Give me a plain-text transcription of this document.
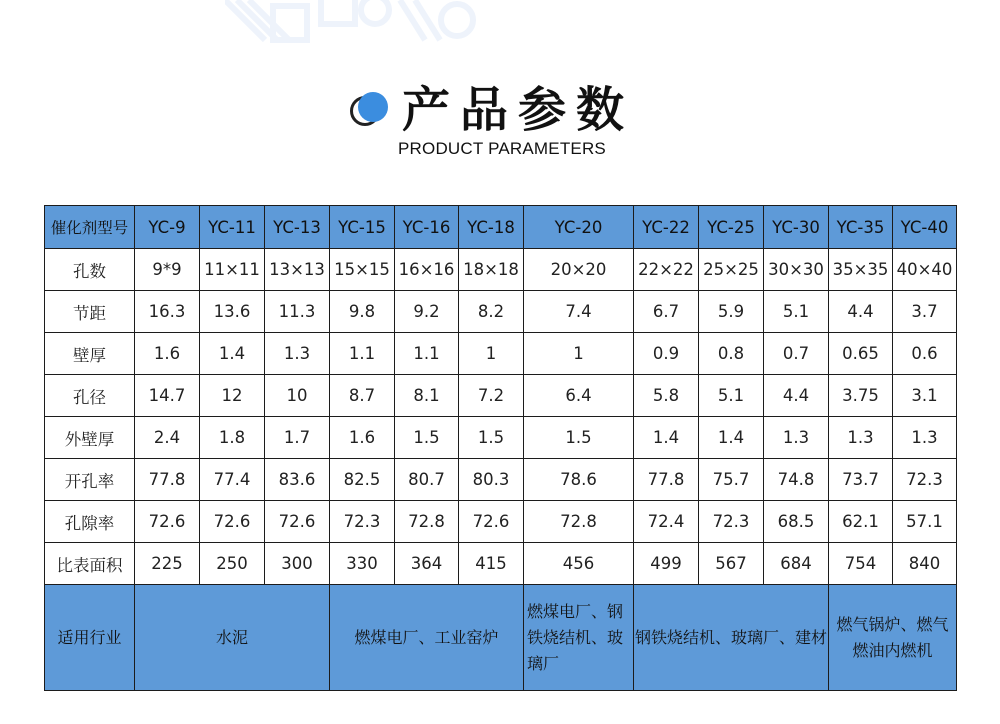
产品参数
PRODUCT PARAMETERS
催化剂型号	YC-9	YC-11	YC-13	YC-15	YC-16	YC-18	YC-20	YC-22	YC-25	YC-30	YC-35	YC-40
孔数	9*9	11×11	13×13	15×15	16×16	18×18	20×20	22×22	25×25	30×30	35×35	40×40
节距	16.3	13.6	11.3	9.8	9.2	8.2	7.4	6.7	5.9	5.1	4.4	3.7
壁厚	1.6	1.4	1.3	1.1	1.1	1	1	0.9	0.8	0.7	0.65	0.6
孔径	14.7	12	10	8.7	8.1	7.2	6.4	5.8	5.1	4.4	3.75	3.1
外壁厚	2.4	1.8	1.7	1.6	1.5	1.5	1.5	1.4	1.4	1.3	1.3	1.3
开孔率	77.8	77.4	83.6	82.5	80.7	80.3	78.6	77.8	75.7	74.8	73.7	72.3
孔隙率	72.6	72.6	72.6	72.3	72.8	72.6	72.8	72.4	72.3	68.5	62.1	57.1
比表面积	225	250	300	330	364	415	456	499	567	684	754	840
适用行业	水泥			燃煤电厂、工业窑炉			燃煤电厂、钢铁烧结机、玻璃厂	钢铁烧结机、玻璃厂、建材			燃气锅炉、燃气燃油内燃机	
